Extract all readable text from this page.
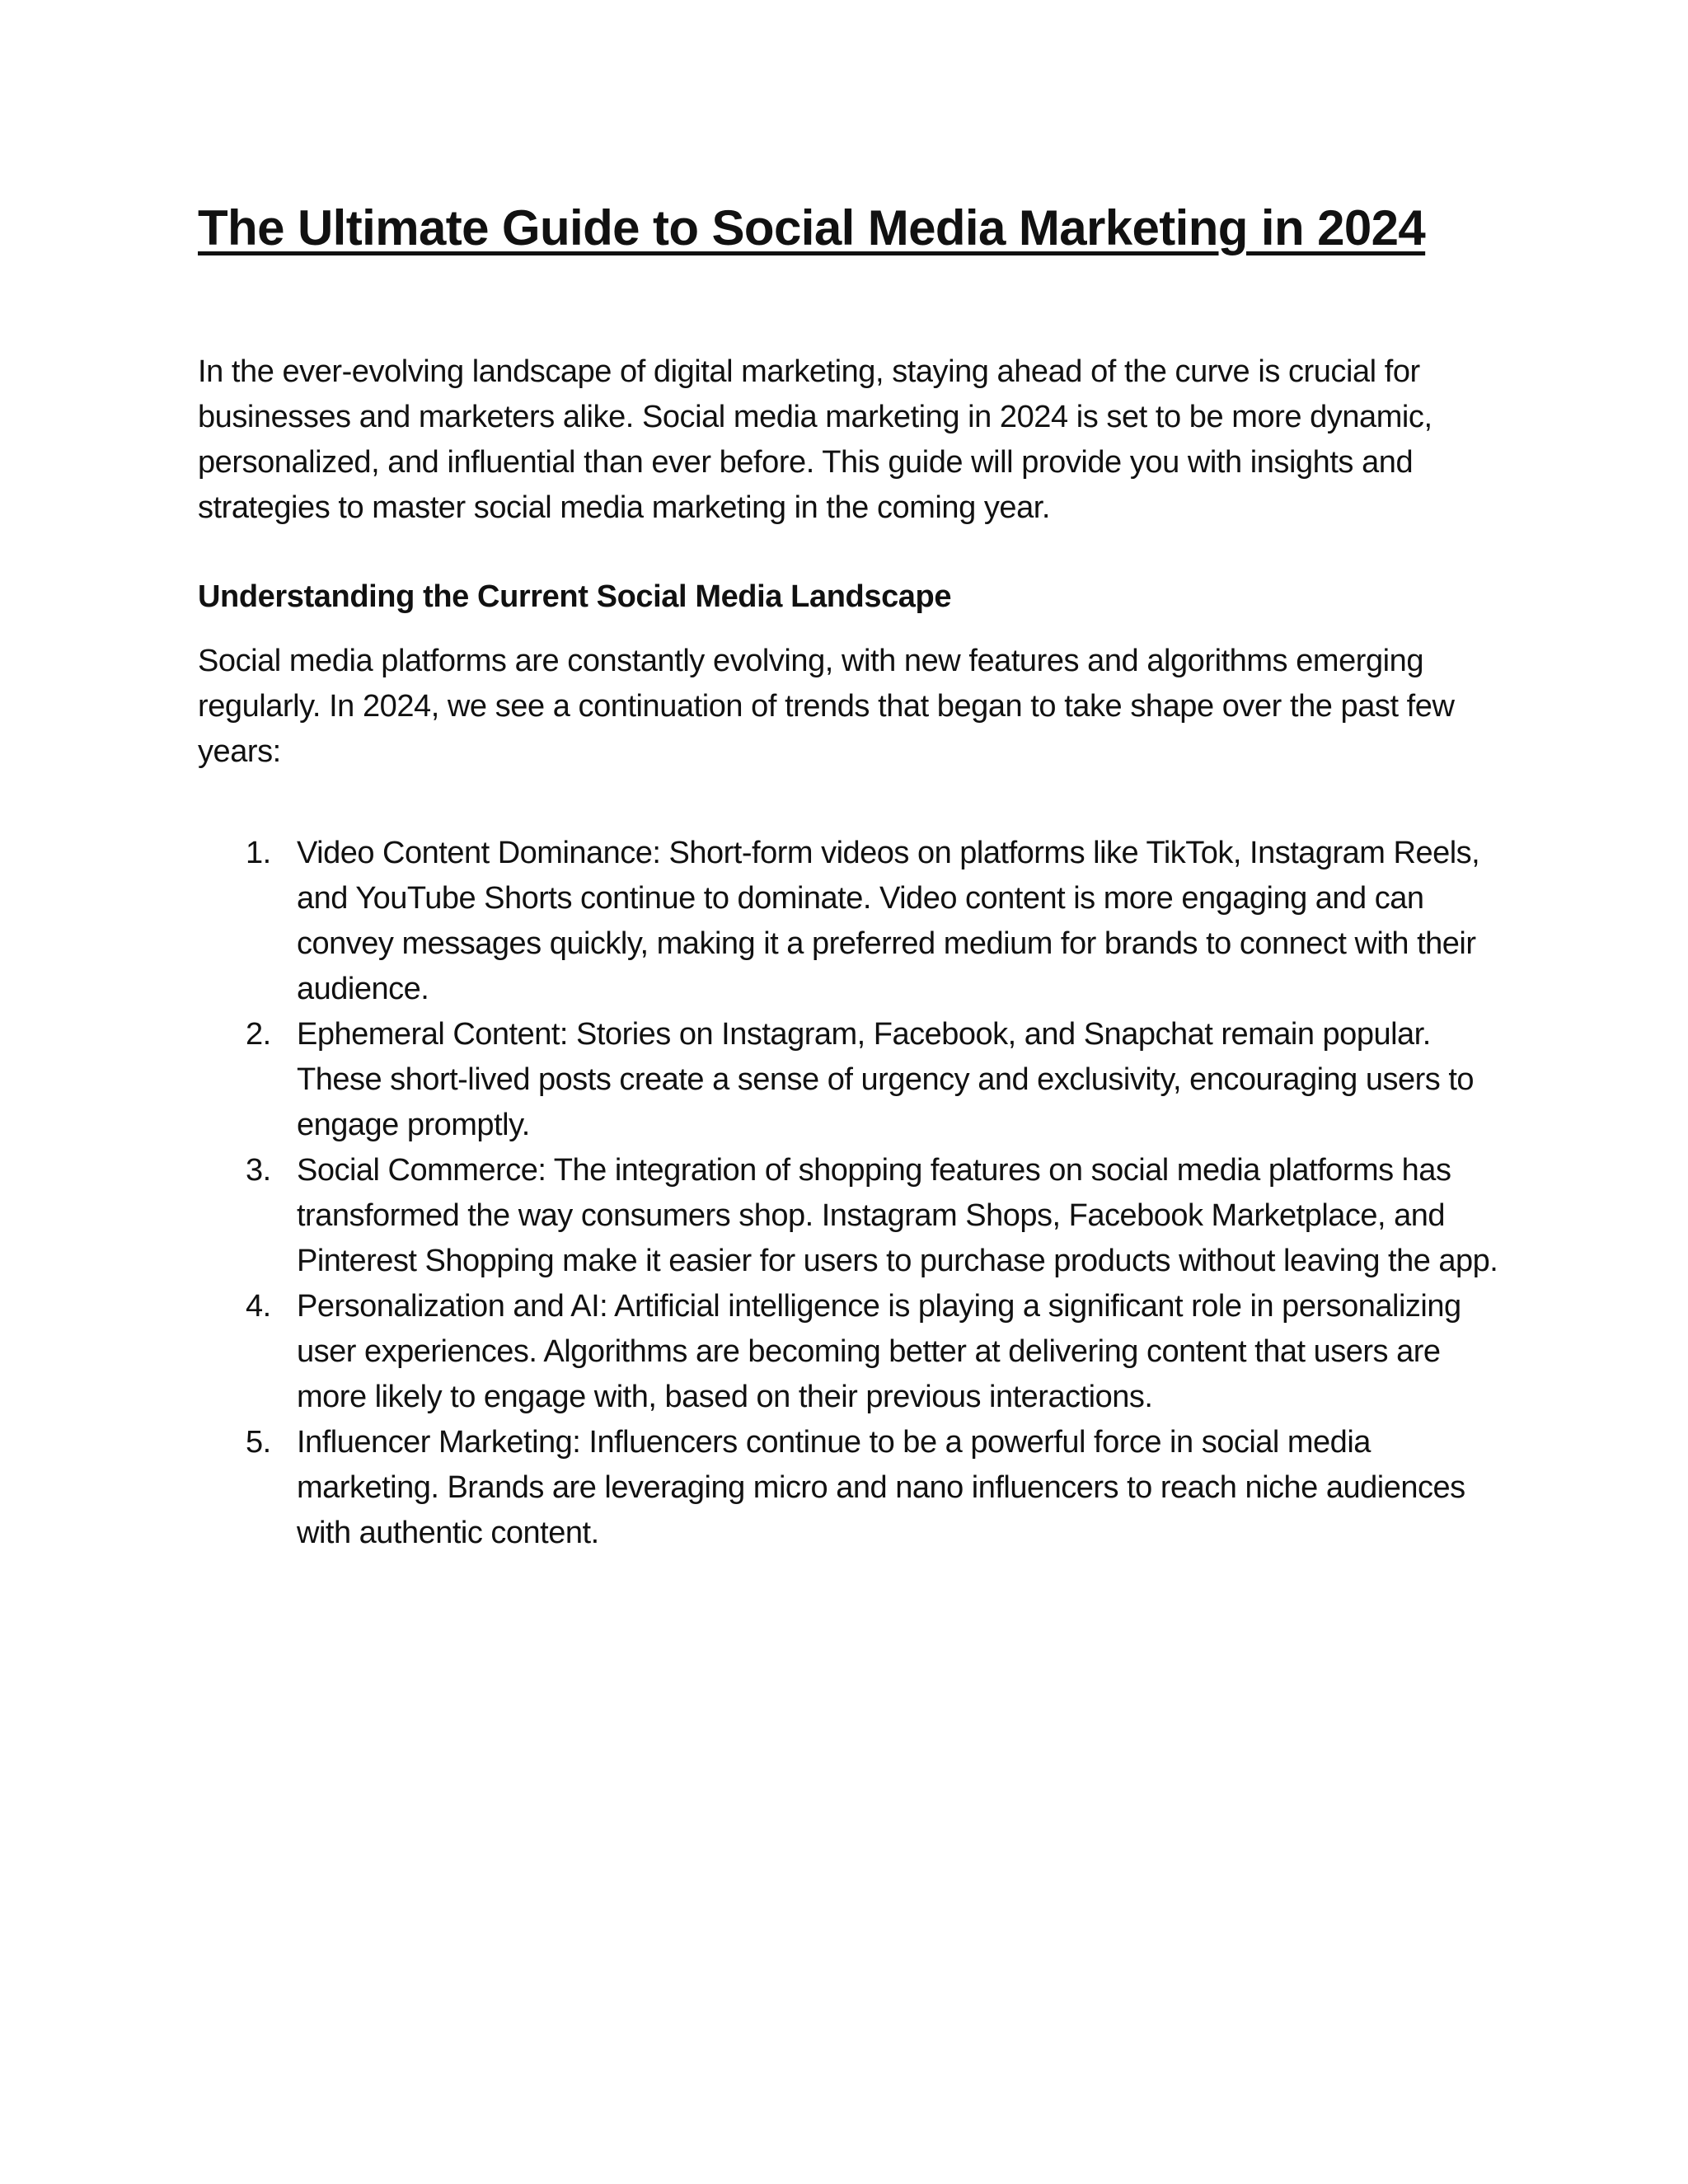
The Ultimate Guide to Social Media Marketing in 2024

In the ever-evolving landscape of digital marketing, staying ahead of the curve is crucial for businesses and marketers alike. Social media marketing in 2024 is set to be more dynamic, personalized, and influential than ever before. This guide will provide you with insights and strategies to master social media marketing in the coming year.

Understanding the Current Social Media Landscape

Social media platforms are constantly evolving, with new features and algorithms emerging regularly. In 2024, we see a continuation of trends that began to take shape over the past few years:

1. Video Content Dominance: Short-form videos on platforms like TikTok, Instagram Reels, and YouTube Shorts continue to dominate. Video content is more engaging and can convey messages quickly, making it a preferred medium for brands to connect with their audience.
2. Ephemeral Content: Stories on Instagram, Facebook, and Snapchat remain popular. These short-lived posts create a sense of urgency and exclusivity, encouraging users to engage promptly.
3. Social Commerce: The integration of shopping features on social media platforms has transformed the way consumers shop. Instagram Shops, Facebook Marketplace, and Pinterest Shopping make it easier for users to purchase products without leaving the app.
4. Personalization and AI: Artificial intelligence is playing a significant role in personalizing user experiences. Algorithms are becoming better at delivering content that users are more likely to engage with, based on their previous interactions.
5. Influencer Marketing: Influencers continue to be a powerful force in social media marketing. Brands are leveraging micro and nano influencers to reach niche audiences with authentic content.
